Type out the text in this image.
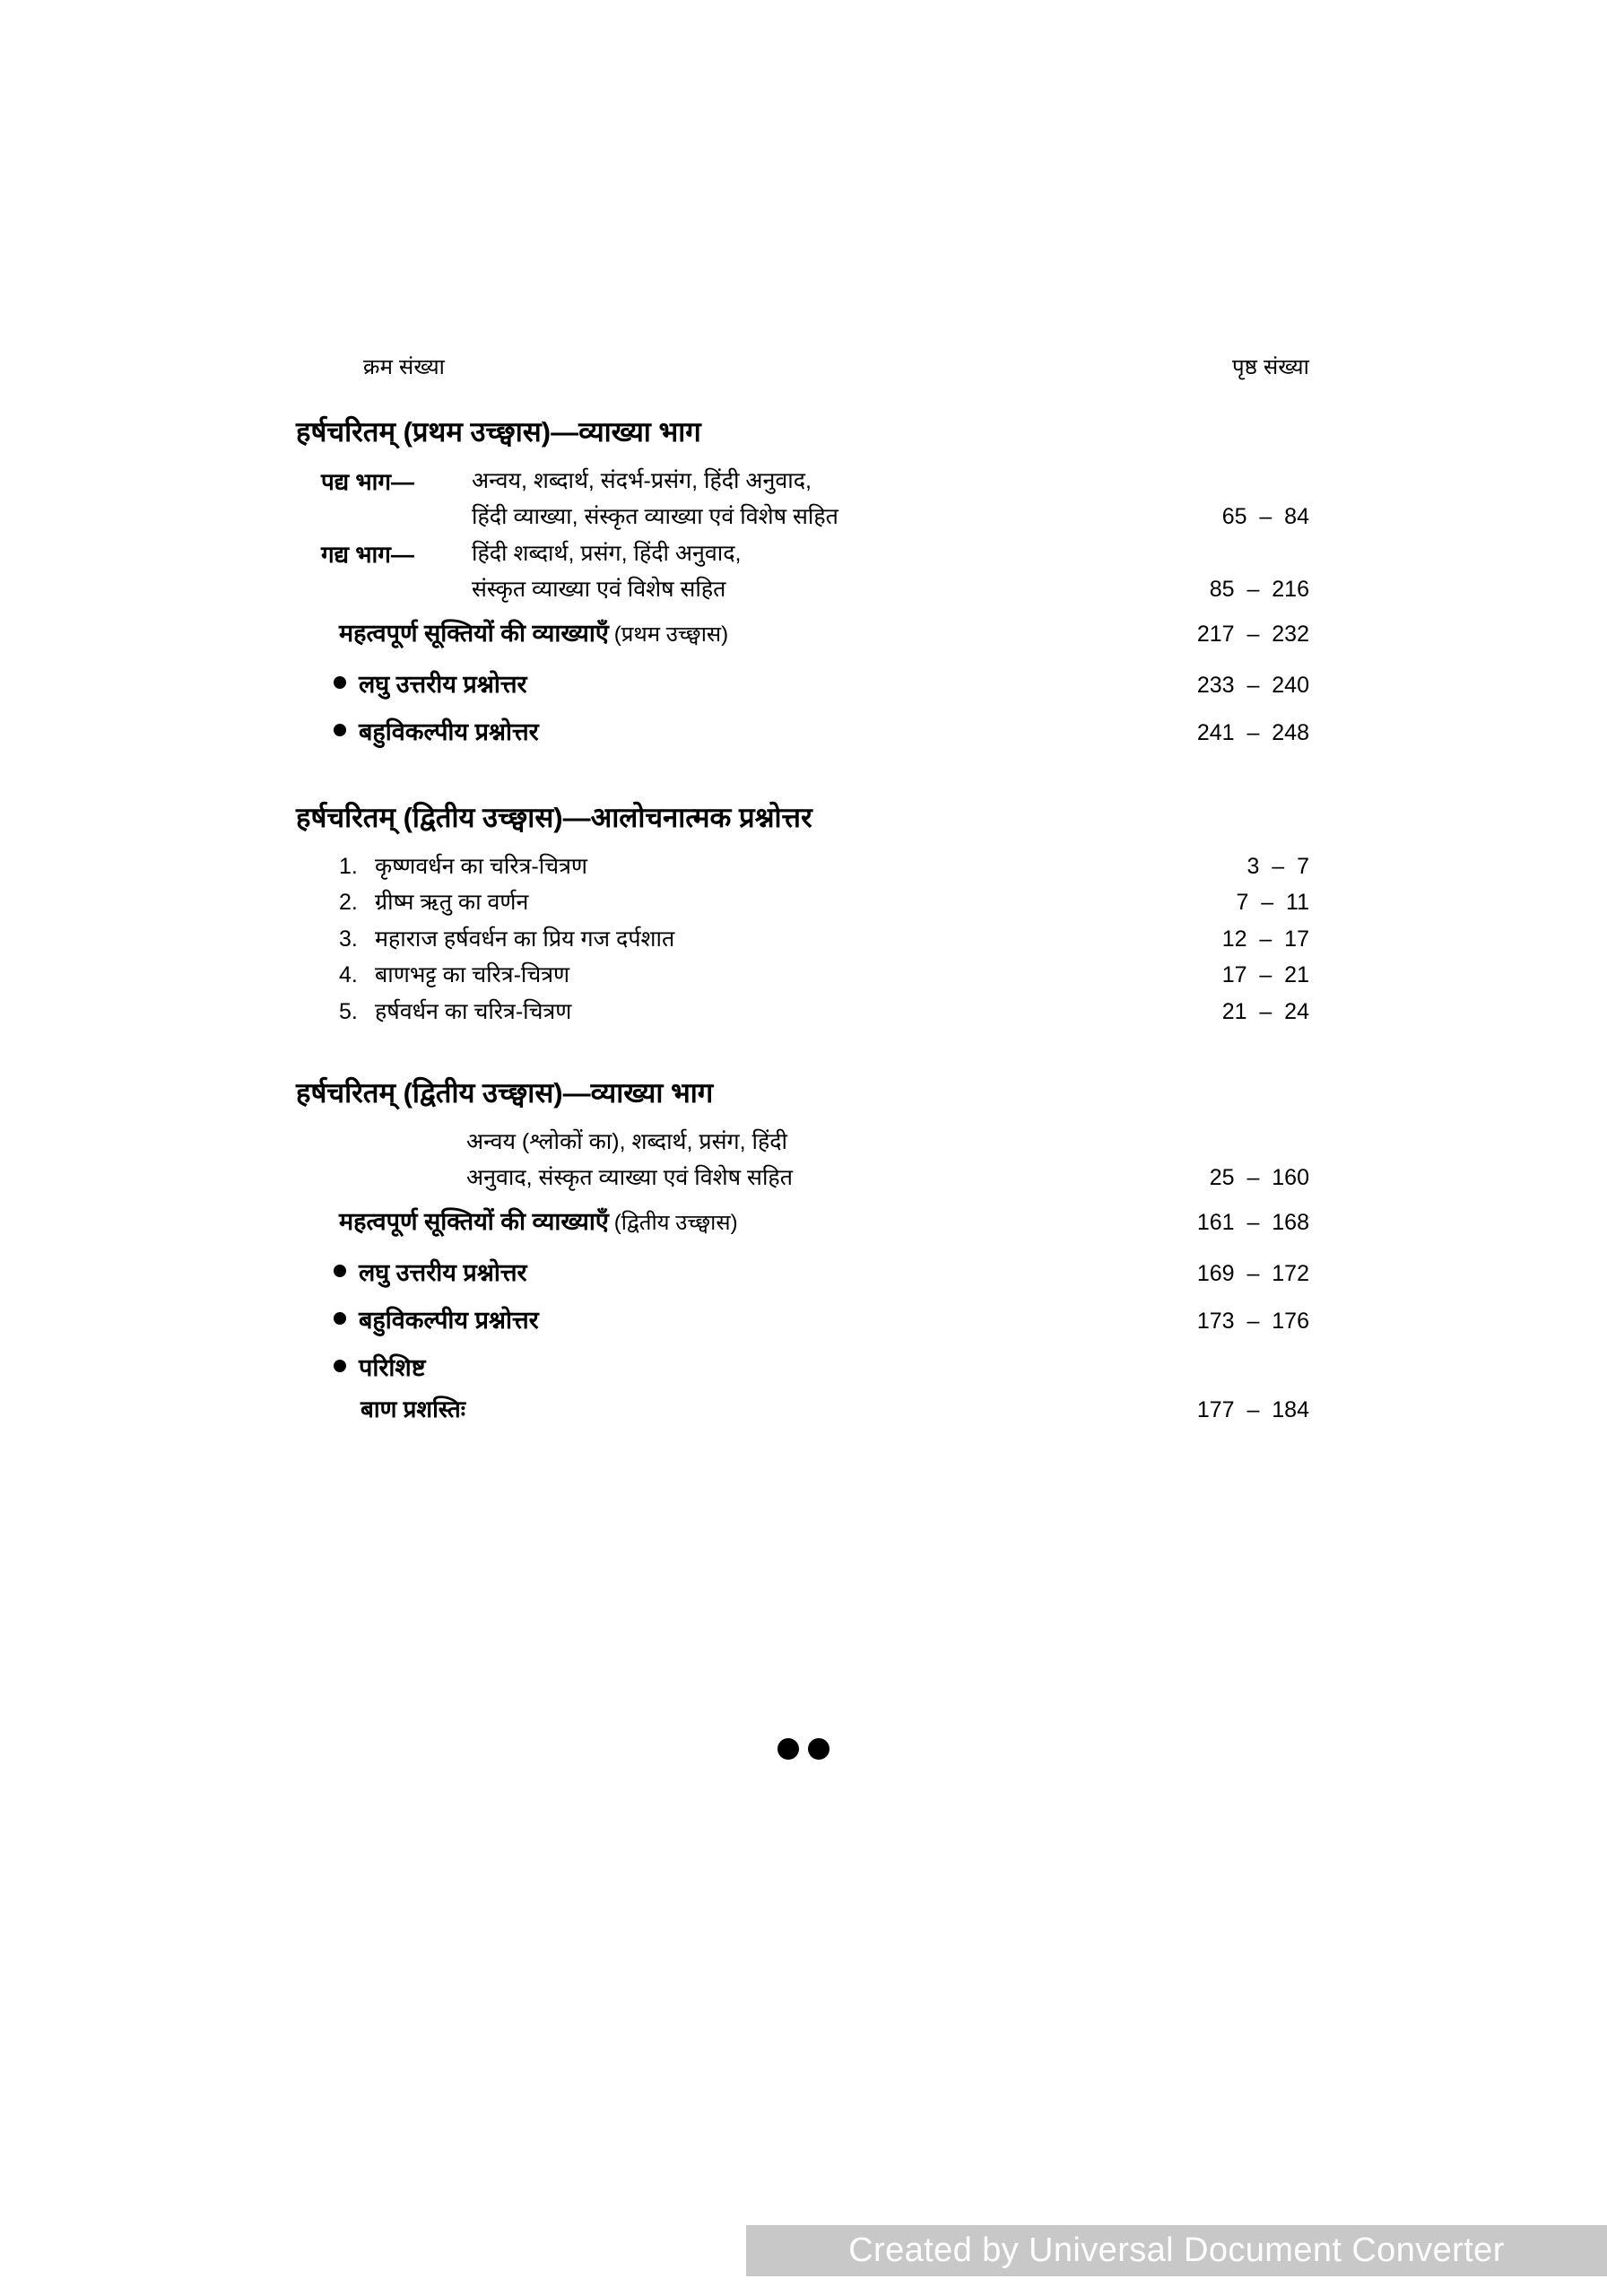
क्रम संख्या	पृष्ठ संख्या
हर्षचरितम् (प्रथम उच्छ्वास)—व्याख्या भाग
पद्य भाग—	अन्वय, शब्दार्थ, संदर्भ-प्रसंग, हिंदी अनुवाद,
हिंदी व्याख्या, संस्कृत व्याख्या एवं विशेष सहित	65  –  84
गद्य भाग—	हिंदी शब्दार्थ, प्रसंग, हिंदी अनुवाद,
संस्कृत व्याख्या एवं विशेष सहित	85  –  216
महत्वपूर्ण सूक्तियों की व्याख्याएँ (प्रथम उच्छ्वास)	217  –  232
लघु उत्तरीय प्रश्नोत्तर	233  –  240
बहुविकल्पीय प्रश्नोत्तर	241  –  248
हर्षचरितम् (द्वितीय उच्छ्वास)—आलोचनात्मक प्रश्नोत्तर
1. कृष्णवर्धन का चरित्र-चित्रण	3  –  7
2. ग्रीष्म ऋतु का वर्णन	7  –  11
3. महाराज हर्षवर्धन का प्रिय गज दर्पशात	12  –  17
4. बाणभट्ट का चरित्र-चित्रण	17  –  21
5. हर्षवर्धन का चरित्र-चित्रण	21  –  24
हर्षचरितम् (द्वितीय उच्छ्वास)—व्याख्या भाग
अन्वय (श्लोकों का), शब्दार्थ, प्रसंग, हिंदी
अनुवाद, संस्कृत व्याख्या एवं विशेष सहित	25  –  160
महत्वपूर्ण सूक्तियों की व्याख्याएँ (द्वितीय उच्छ्वास)	161  –  168
लघु उत्तरीय प्रश्नोत्तर	169  –  172
बहुविकल्पीय प्रश्नोत्तर	173  –  176
परिशिष्ट
बाण प्रशस्तिः	177  –  184
Created by Universal Document Converter
